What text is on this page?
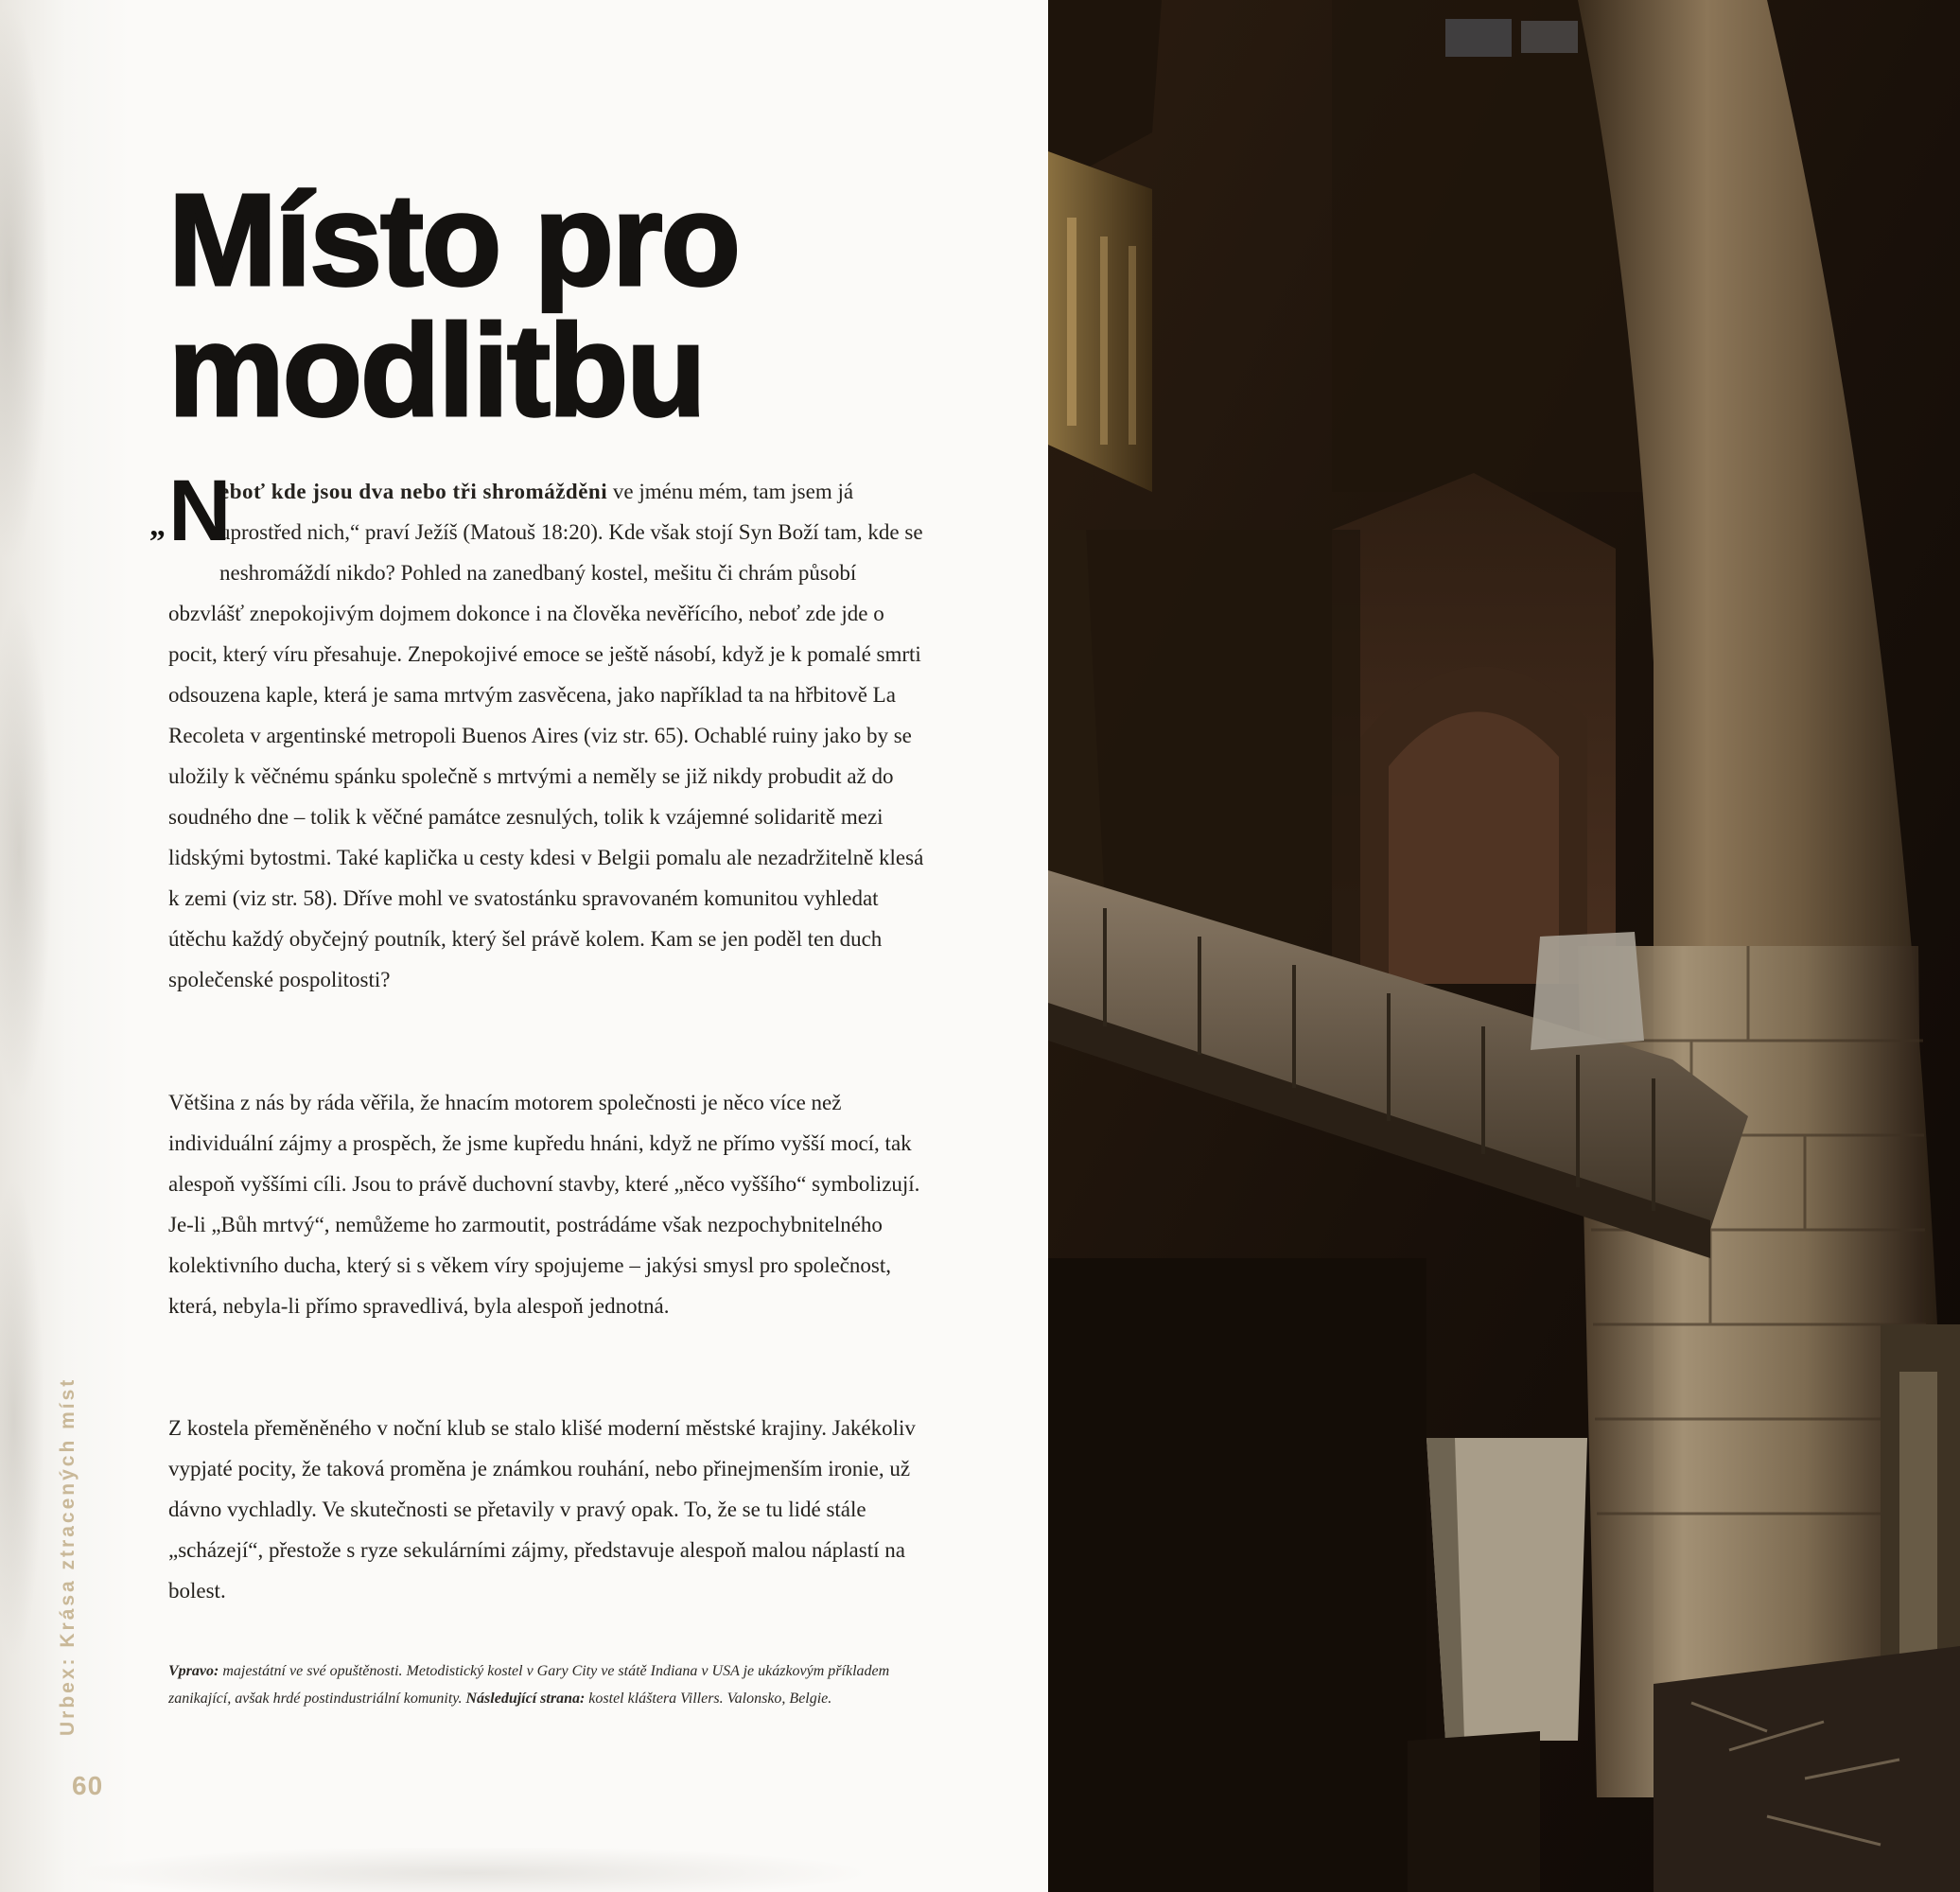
Místo pro
modlitbu

„ N
eboť kde jsou dva nebo tři shromážděni ve jménu mém, tam jsem já uprostřed nich,“ praví Ježíš (Matouš 18:20). Kde však stojí Syn Boží tam, kde se neshromáždí nikdo? Pohled na zanedbaný kostel, mešitu či chrám působí obzvlášť znepokojivým dojmem dokonce i na člověka nevěřícího, neboť zde jde o pocit, který víru přesahuje. Znepokojivé emoce se ještě násobí, když je k pomalé smrti odsouzena kaple, která je sama mrtvým zasvěcena, jako například ta na hřbitově La Recoleta v argentinské metropoli Buenos Aires (viz str. 65). Ochablé ruiny jako by se uložily k věčnému spánku společně s mrtvými a neměly se již nikdy probudit až do soudného dne – tolik k věčné památce zesnulých, tolik k vzájemné solidaritě mezi lidskými bytostmi. Také kaplička u cesty kdesi v Belgii pomalu ale nezadržitelně klesá k zemi (viz str. 58). Dříve mohl ve svatostánku spravovaném komunitou vyhledat útěchu každý obyčejný poutník, který šel právě kolem. Kam se jen poděl ten duch společenské pospolitosti?

Většina z nás by ráda věřila, že hnacím motorem společnosti je něco více než individuální zájmy a prospěch, že jsme kupředu hnáni, když ne přímo vyšší mocí, tak alespoň vyššími cíli. Jsou to právě duchovní stavby, které „něco vyššího“ symbolizují. Je-li „Bůh mrtvý“, nemůžeme ho zarmoutit, postrádáme však nezpochybnitelného kolektivního ducha, který si s věkem víry spojujeme – jakýsi smysl pro společnost, která, nebyla-li přímo spravedlivá, byla alespoň jednotná.

Z kostela přeměněného v noční klub se stalo klišé moderní městské krajiny. Jakékoliv vypjaté pocity, že taková proměna je známkou rouhání, nebo přinejmenším ironie, už dávno vychladly. Ve skutečnosti se přetavily v pravý opak. To, že se tu lidé stále „scházejí“, přestože s ryze sekulárními zájmy, představuje alespoň malou náplastí na bolest.

Vpravo: majestátní ve své opuštěnosti. Metodistický kostel v Gary City ve státě Indiana v USA je ukázkovým příkladem zanikající, avšak hrdé postindustriální komunity. Následující strana: kostel kláštera Villers. Valonsko, Belgie.

Urbex: Krása ztracených míst
60
